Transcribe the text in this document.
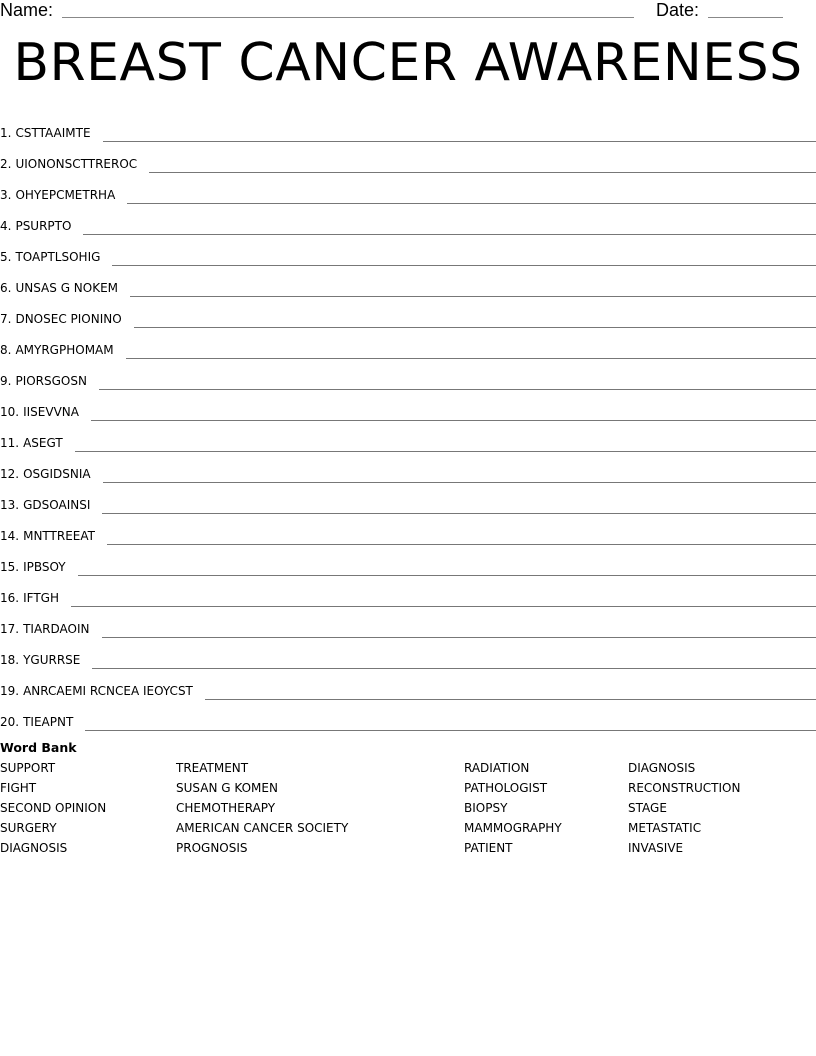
Name:	Date:
BREAST CANCER AWARENESS
1. CSTTAAIMTE
2. UIONONSCTTREROC
3. OHYEPCMETRHA
4. PSURPTO
5. TOAPTLSOHIG
6. UNSAS G NOKEM
7. DNOSEC PIONINO
8. AMYRGPHOMAM
9. PIORSGOSN
10. IISEVVNA
11. ASEGT
12. OSGIDSNIA
13. GDSOAINSI
14. MNTTREEAT
15. IPBSOY
16. IFTGH
17. TIARDAOIN
18. YGURRSE
19. ANRCAEMI RCNCEA IEOYCST
20. TIEAPNT
Word Bank
SUPPORT
FIGHT
SECOND OPINION
SURGERY
DIAGNOSIS
TREATMENT
SUSAN G KOMEN
CHEMOTHERAPY
AMERICAN CANCER SOCIETY
PROGNOSIS
RADIATION
PATHOLOGIST
BIOPSY
MAMMOGRAPHY
PATIENT
DIAGNOSIS
RECONSTRUCTION
STAGE
METASTATIC
INVASIVE
